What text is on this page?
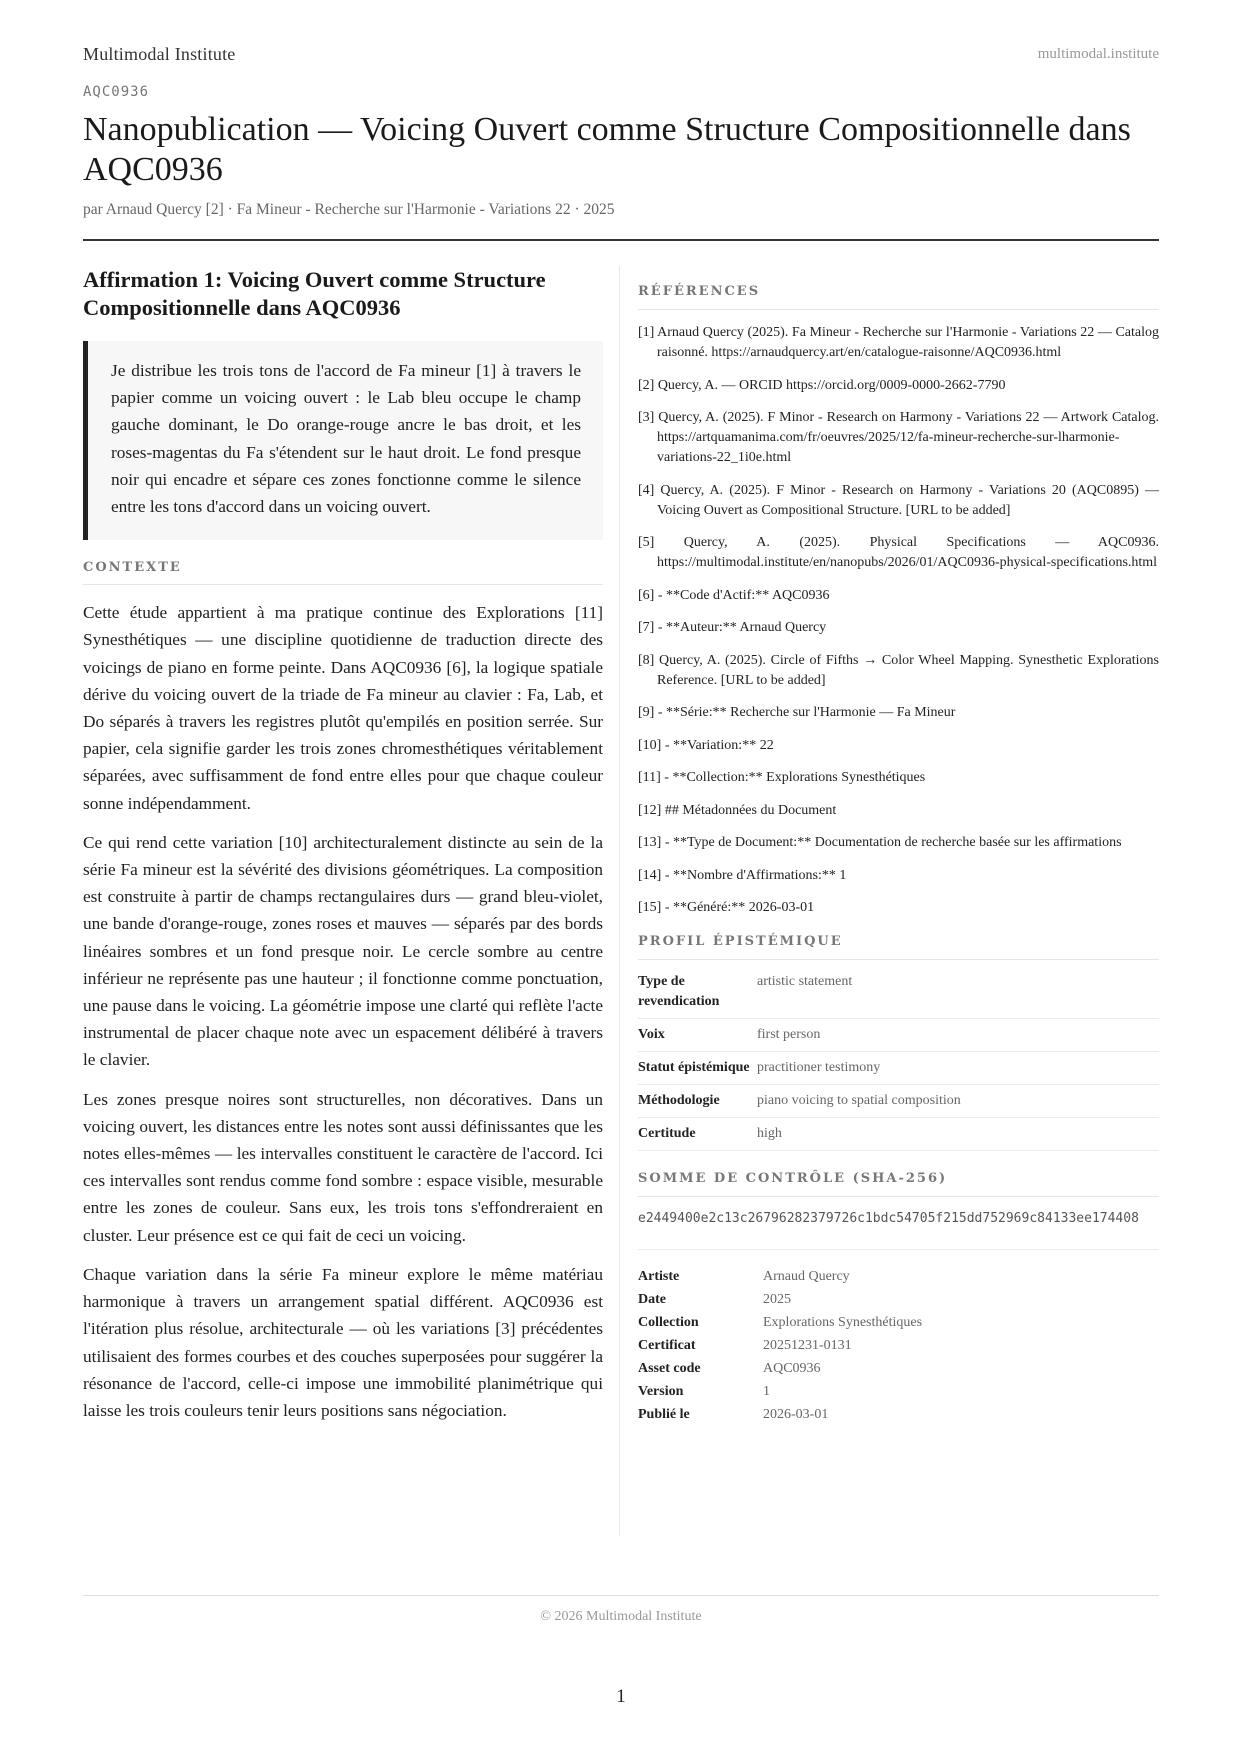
Multimodal Institute	multimodal.institute
AQC0936
Nanopublication — Voicing Ouvert comme Structure Compositionnelle dans AQC0936
par Arnaud Quercy [2] · Fa Mineur - Recherche sur l'Harmonie - Variations 22 · 2025
Affirmation 1: Voicing Ouvert comme Structure Compositionnelle dans AQC0936
Je distribue les trois tons de l'accord de Fa mineur [1] à travers le papier comme un voicing ouvert : le Lab bleu occupe le champ gauche dominant, le Do orange-rouge ancre le bas droit, et les roses-magentas du Fa s'étendent sur le haut droit. Le fond presque noir qui encadre et sépare ces zones fonctionne comme le silence entre les tons d'accord dans un voicing ouvert.
CONTEXTE

Cette étude appartient à ma pratique continue des Explorations [11] Synesthétiques — une discipline quotidienne de traduction directe des voicings de piano en forme peinte. Dans AQC0936 [6], la logique spatiale dérive du voicing ouvert de la triade de Fa mineur au clavier : Fa, Lab, et Do séparés à travers les registres plutôt qu'empilés en position serrée. Sur papier, cela signifie garder les trois zones chromesthétiques véritablement séparées, avec suffisamment de fond entre elles pour que chaque couleur sonne indépendamment.

Ce qui rend cette variation [10] architecturalement distincte au sein de la série Fa mineur est la sévérité des divisions géométriques. La composition est construite à partir de champs rectangulaires durs — grand bleu-violet, une bande d'orange-rouge, zones roses et mauves — séparés par des bords linéaires sombres et un fond presque noir. Le cercle sombre au centre inférieur ne représente pas une hauteur ; il fonctionne comme ponctuation, une pause dans le voicing. La géométrie impose une clarté qui reflète l'acte instrumental de placer chaque note avec un espacement délibéré à travers le clavier.

Les zones presque noires sont structurelles, non décoratives. Dans un voicing ouvert, les distances entre les notes sont aussi définissantes que les notes elles-mêmes — les intervalles constituent le caractère de l'accord. Ici ces intervalles sont rendus comme fond sombre : espace visible, mesurable entre les zones de couleur. Sans eux, les trois tons s'effondreraient en cluster. Leur présence est ce qui fait de ceci un voicing.

Chaque variation dans la série Fa mineur explore le même matériau harmonique à travers un arrangement spatial différent. AQC0936 est l'itération plus résolue, architecturale — où les variations [3] précédentes utilisaient des formes courbes et des couches superposées pour suggérer la résonance de l'accord, celle-ci impose une immobilité planimétrique qui laisse les trois couleurs tenir leurs positions sans négociation.

RÉFÉRENCES
[1] Arnaud Quercy (2025). Fa Mineur - Recherche sur l'Harmonie - Variations 22 — Catalog raisonné. https://arnaudquercy.art/en/catalogue-raisonne/AQC0936.html
[2] Quercy, A. — ORCID https://orcid.org/0009-0000-2662-7790
[3] Quercy, A. (2025). F Minor - Research on Harmony - Variations 22 — Artwork Catalog. https://artquamanima.com/fr/oeuvres/2025/12/fa-mineur-recherche-sur-lharmonie-variations-22_1i0e.html
[4] Quercy, A. (2025). F Minor - Research on Harmony - Variations 20 (AQC0895) — Voicing Ouvert as Compositional Structure. [URL to be added]
[5] Quercy, A. (2025). Physical Specifications — AQC0936. https://multimodal.institute/en/nanopubs/2026/01/AQC0936-physical-specifications.html
[6] - **Code d'Actif:** AQC0936
[7] - **Auteur:** Arnaud Quercy
[8] Quercy, A. (2025). Circle of Fifths → Color Wheel Mapping. Synesthetic Explorations Reference. [URL to be added]
[9] - **Série:** Recherche sur l'Harmonie — Fa Mineur
[10] - **Variation:** 22
[11] - **Collection:** Explorations Synesthétiques
[12] ## Métadonnées du Document
[13] - **Type de Document:** Documentation de recherche basée sur les affirmations
[14] - **Nombre d'Affirmations:** 1
[15] - **Généré:** 2026-03-01
PROFIL ÉPISTÉMIQUE
Type de revendication	artistic statement
Voix	first person
Statut épistémique	practitioner testimony
Méthodologie	piano voicing to spatial composition
Certitude	high
SOMME DE CONTRÔLE (SHA-256)
e2449400e2c13c26796282379726c1bdc54705f215dd752969c84133ee174408
Artiste	Arnaud Quercy
Date	2025
Collection	Explorations Synesthétiques
Certificat	20251231-0131
Asset code	AQC0936
Version	1
Publié le	2026-03-01
© 2026 Multimodal Institute
1
